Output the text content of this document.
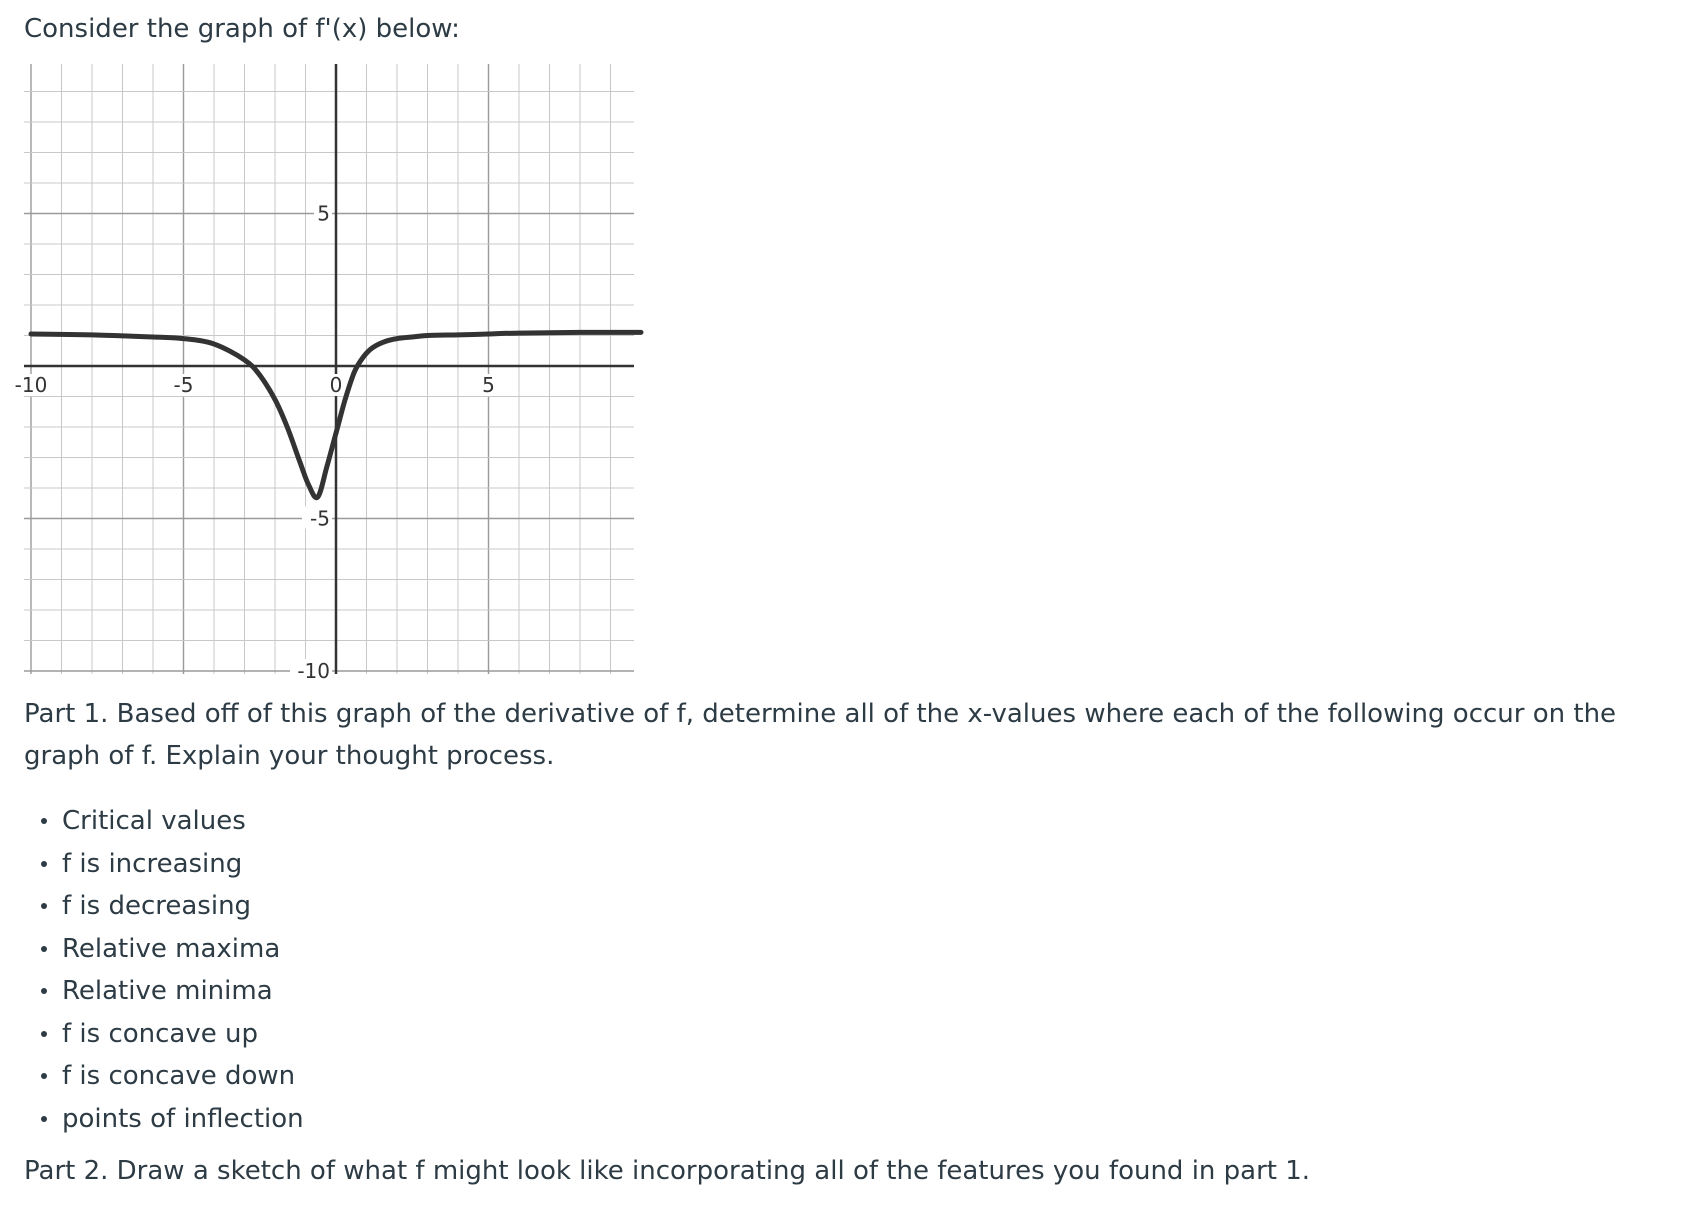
Consider the graph of f'(x) below:

-10	-5	0	5
5
-5
-10

Part 1. Based off of this graph of the derivative of f, determine all of the x-values where each of the following occur on the graph of f. Explain your thought process.

Critical values
f is increasing
f is decreasing
Relative maxima
Relative minima
f is concave up
f is concave down
points of inflection

Part 2. Draw a sketch of what f might look like incorporating all of the features you found in part 1.
